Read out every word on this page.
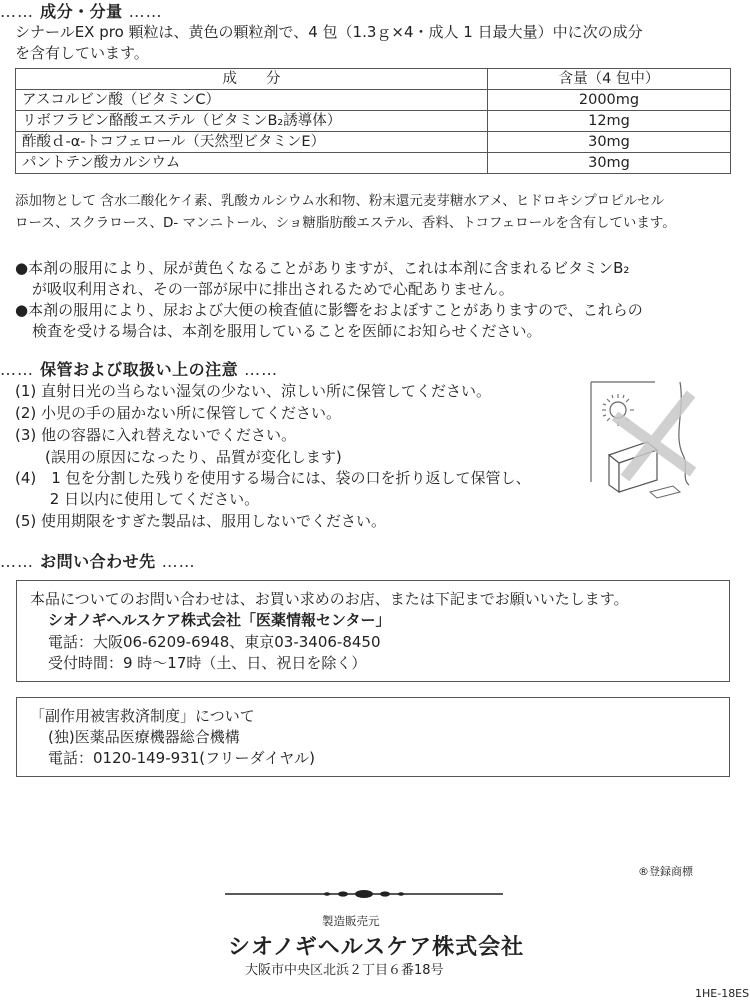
…… 成分・分量 ……
シナールEX pro 顆粒は、黄色の顆粒剤で、4 包（1.3ｇ×4・成人 1 日最大量）中に次の成分
を含有しています。
成　　分	含量（4 包中）
アスコルビン酸（ビタミンC）	2000mg
リボフラビン酪酸エステル（ビタミンB₂誘導体）	12mg
酢酸ｄ-α-トコフェロール（天然型ビタミンE）	30mg
パントテン酸カルシウム	30mg
添加物として 含水二酸化ケイ素、乳酸カルシウム水和物、粉末還元麦芽糖水アメ、ヒドロキシプロピルセル
ロース、スクラロース、D- マンニトール、ショ糖脂肪酸エステル、香料、トコフェロールを含有しています。
●本剤の服用により、尿が黄色くなることがありますが、これは本剤に含まれるビタミンB₂
が吸収利用され、その一部が尿中に排出されるためで心配ありません。
●本剤の服用により、尿および大便の検査値に影響をおよぼすことがありますので、これらの
検査を受ける場合は、本剤を服用していることを医師にお知らせください。
…… 保管および取扱い上の注意 ……
(1) 直射日光の当らない湿気の少ない、涼しい所に保管してください。
(2) 小児の手の届かない所に保管してください。
(3) 他の容器に入れ替えないでください。
　　(誤用の原因になったり、品質が変化します)
(4)　1 包を分割した残りを使用する場合には、袋の口を折り返して保管し、
　　 2 日以内に使用してください。
(5) 使用期限をすぎた製品は、服用しないでください。
…… お問い合わせ先 ……
本品についてのお問い合わせは、お買い求めのお店、または下記までお願いいたします。
シオノギヘルスケア株式会社「医薬情報センター」
電話：大阪06-6209-6948、東京03-3406-8450
受付時間：9 時〜17時（土、日、祝日を除く）
「副作用被害救済制度」について
(独)医薬品医療機器総合機構
電話：0120-149-931(フリーダイヤル)
®登録商標
製造販売元
シオノギヘルスケア株式会社
大阪市中央区北浜２丁目６番18号
1HE-18ES
